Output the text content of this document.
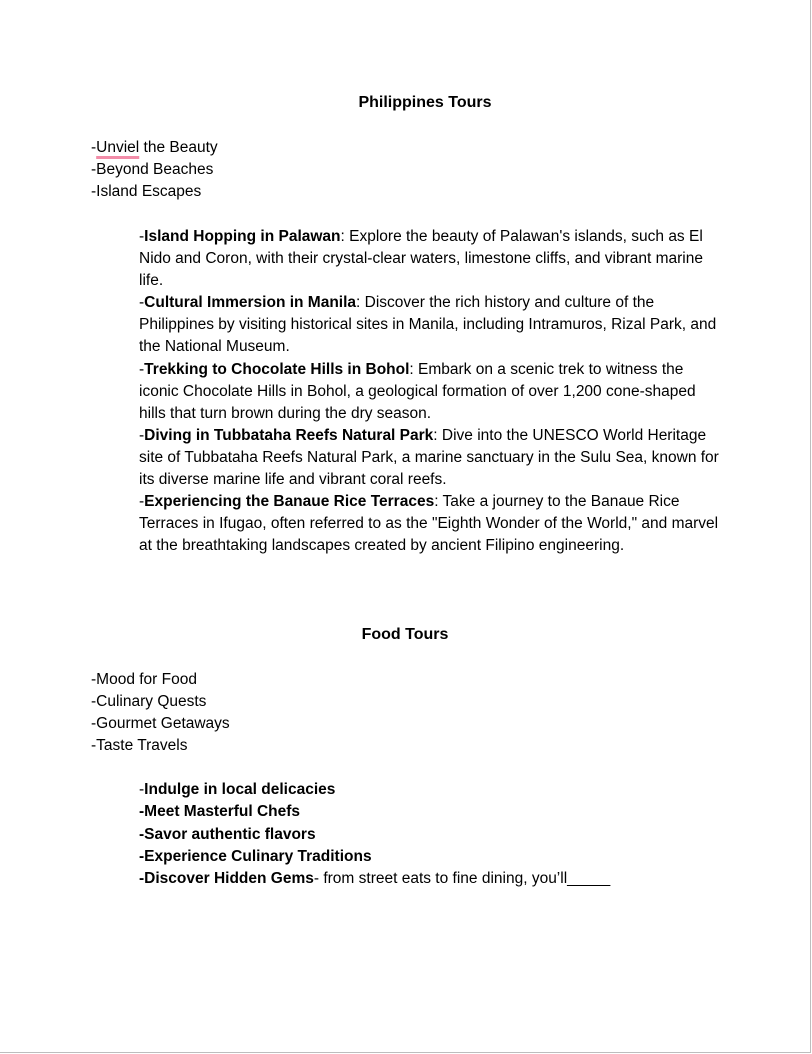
Philippines Tours
-Unviel the Beauty
-Beyond Beaches
-Island Escapes
-Island Hopping in Palawan: Explore the beauty of Palawan's islands, such as El Nido and Coron, with their crystal-clear waters, limestone cliffs, and vibrant marine life.
-Cultural Immersion in Manila: Discover the rich history and culture of the Philippines by visiting historical sites in Manila, including Intramuros, Rizal Park, and the National Museum.
-Trekking to Chocolate Hills in Bohol: Embark on a scenic trek to witness the iconic Chocolate Hills in Bohol, a geological formation of over 1,200 cone-shaped hills that turn brown during the dry season.
-Diving in Tubbataha Reefs Natural Park: Dive into the UNESCO World Heritage site of Tubbataha Reefs Natural Park, a marine sanctuary in the Sulu Sea, known for its diverse marine life and vibrant coral reefs.
-Experiencing the Banaue Rice Terraces: Take a journey to the Banaue Rice Terraces in Ifugao, often referred to as the "Eighth Wonder of the World," and marvel at the breathtaking landscapes created by ancient Filipino engineering.
Food Tours
-Mood for Food
-Culinary Quests
-Gourmet Getaways
-Taste Travels
-Indulge in local delicacies
-Meet Masterful Chefs
-Savor authentic flavors
-Experience Culinary Traditions
-Discover Hidden Gems- from street eats to fine dining, you’ll_____
